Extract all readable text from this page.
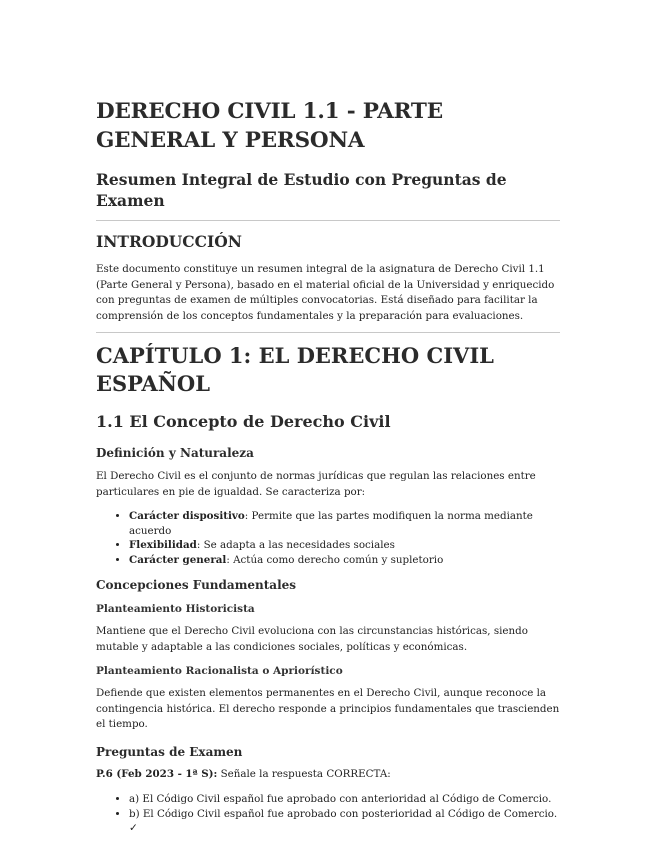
DERECHO CIVIL 1.1 - PARTE GENERAL Y PERSONA
Resumen Integral de Estudio con Preguntas de Examen
INTRODUCCIÓN

Este documento constituye un resumen integral de la asignatura de Derecho Civil 1.1 (Parte General y Persona), basado en el material oficial de la Universidad y enriquecido con preguntas de examen de múltiples convocatorias. Está diseñado para facilitar la comprensión de los conceptos fundamentales y la preparación para evaluaciones.

CAPÍTULO 1: EL DERECHO CIVIL ESPAÑOL
1.1 El Concepto de Derecho Civil
Definición y Naturaleza

El Derecho Civil es el conjunto de normas jurídicas que regulan las relaciones entre particulares en pie de igualdad. Se caracteriza por:

• Carácter dispositivo: Permite que las partes modifiquen la norma mediante acuerdo
• Flexibilidad: Se adapta a las necesidades sociales
• Carácter general: Actúa como derecho común y supletorio
Concepciones Fundamentales
Planteamiento Historicista

Mantiene que el Derecho Civil evoluciona con las circunstancias históricas, siendo mutable y adaptable a las condiciones sociales, políticas y económicas.

Planteamiento Racionalista o Apriorístico

Defiende que existen elementos permanentes en el Derecho Civil, aunque reconoce la contingencia histórica. El derecho responde a principios fundamentales que trascienden el tiempo.

Preguntas de Examen

P.6 (Feb 2023 - 1ª S): Señale la respuesta CORRECTA:

• a) El Código Civil español fue aprobado con anterioridad al Código de Comercio.
• b) El Código Civil español fue aprobado con posterioridad al Código de Comercio. ✓
